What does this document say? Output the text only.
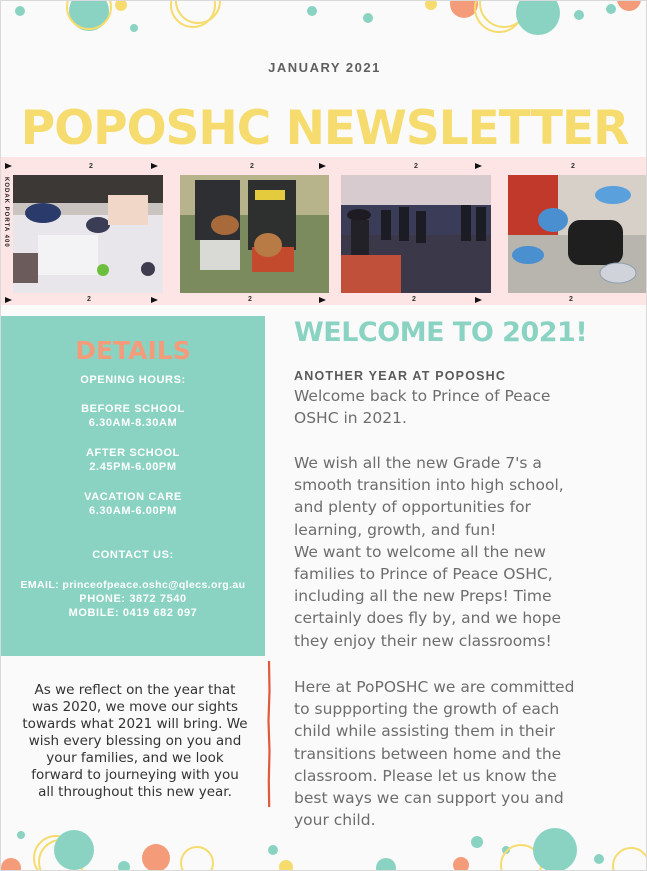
JANUARY 2021
POPOSHC NEWSLETTER
KODAK PORTA 400
2	2	2	2
2	2	2	2
DETAILS
OPENING HOURS:
BEFORE SCHOOL
6.30AM-8.30AM
AFTER SCHOOL
2.45PM-6.00PM
VACATION CARE
6.30AM-6.00PM
CONTACT US:
EMAIL: princeofpeace.oshc@qlecs.org.au
PHONE: 3872 7540
MOBILE: 0419 682 097
As we reflect on the year that
was 2020, we move our sights
towards what 2021 will bring. We
wish every blessing on you and
your families, and we look
forward to journeying with you
all throughout this new year.
WELCOME TO 2021!
ANOTHER YEAR AT POPOSHC
Welcome back to Prince of Peace
OSHC in 2021.
We wish all the new Grade 7's a
smooth transition into high school,
and plenty of opportunities for
learning, growth, and fun!
We want to welcome all the new
families to Prince of Peace OSHC,
including all the new Preps! Time
certainly does fly by, and we hope
they enjoy their new classrooms!
Here at PoPOSHC we are committed
to suppporting the growth of each
child while assisting them in their
transitions between home and the
classroom. Please let us know the
best ways we can support you and
your child.
